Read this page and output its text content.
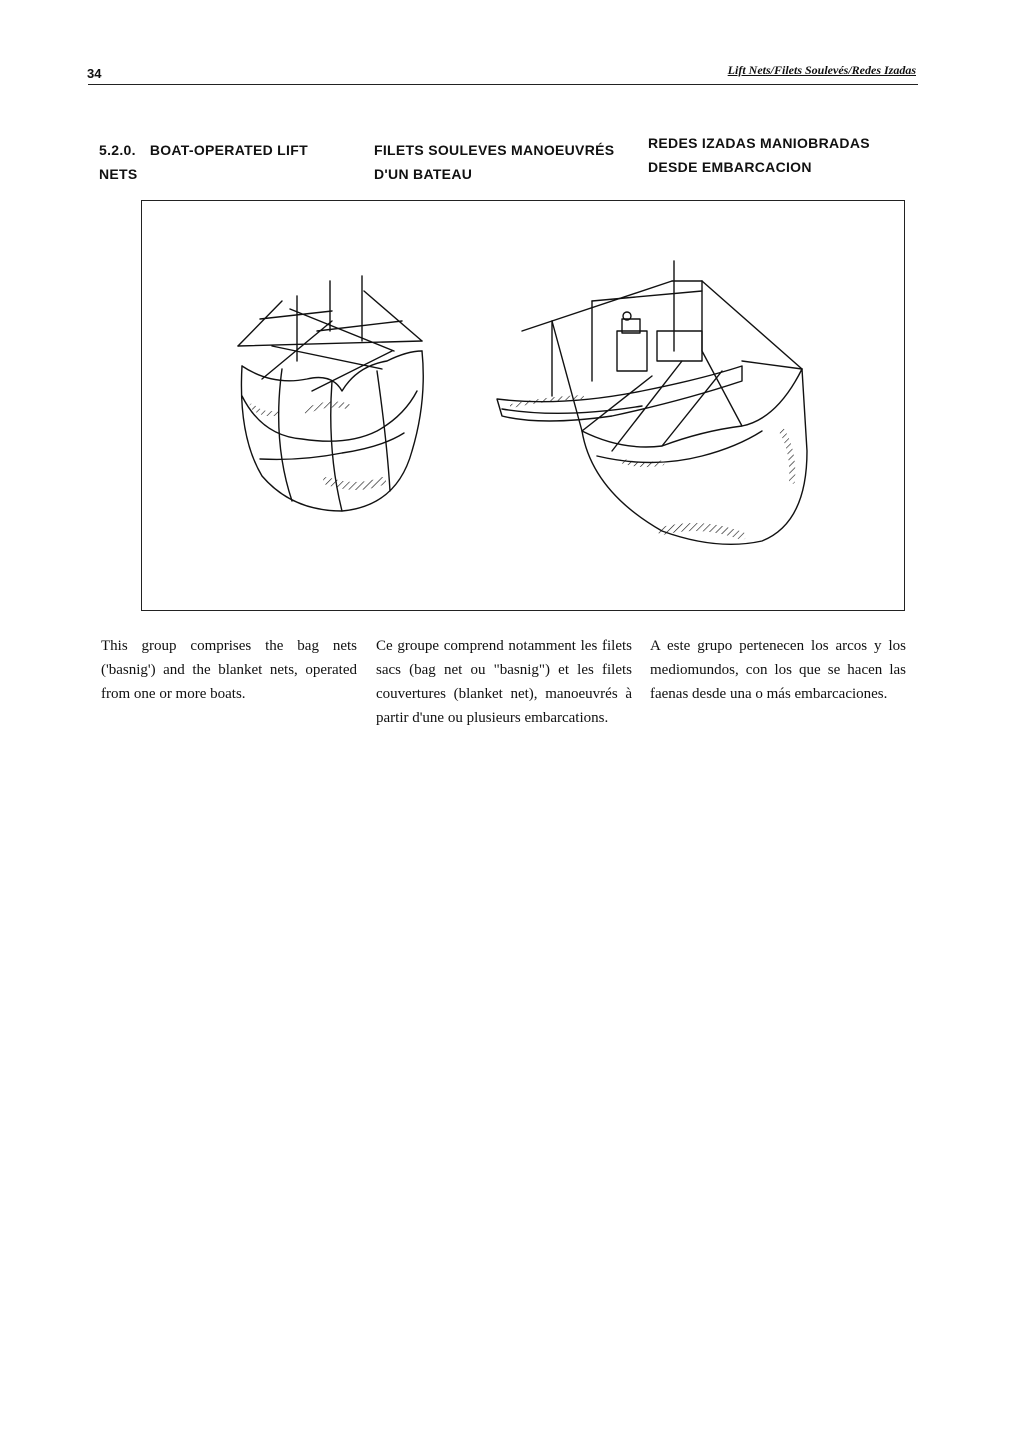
34	Lift Nets/Filets Soulevés/Redes Izadas
5.2.0. BOAT-OPERATED LIFT NETS
FILETS SOULEVES MANOEUVRÉS D'UN BATEAU
REDES IZADAS MANIOBRADAS DESDE EMBARCACION
This group comprises the bag nets ('basnig') and the blanket nets, operated from one or more boats.
Ce groupe comprend notamment les filets sacs (bag net ou "basnig") et les filets couvertures (blanket net), manoeuvrés à partir d'une ou plusieurs embarcations.
A este grupo pertenecen los arcos y los mediomundos, con los que se hacen las faenas desde una o más embarcaciones.
